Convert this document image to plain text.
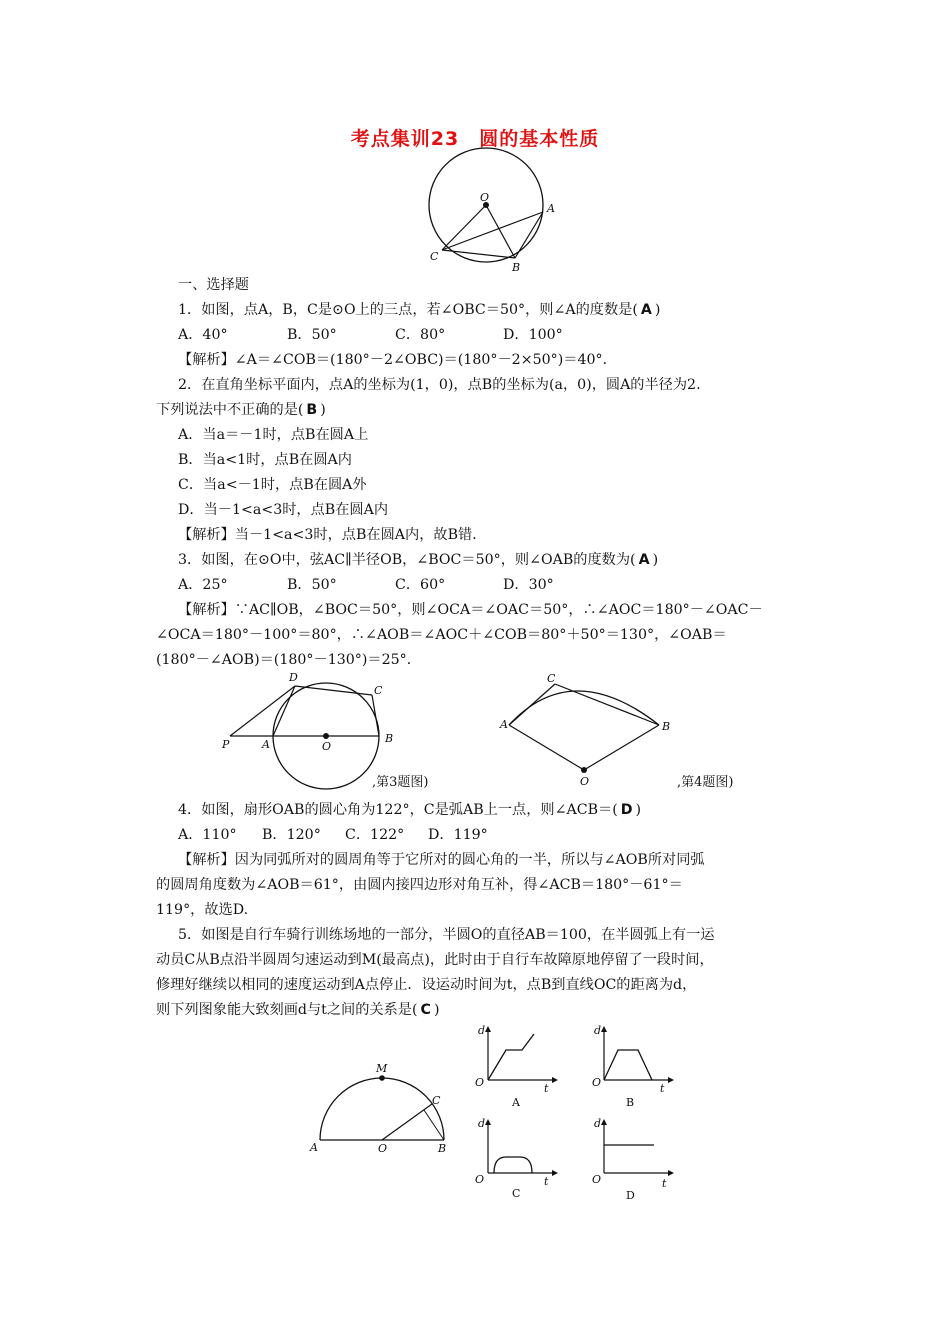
考点集训23　圆的基本性质
O
A
C
B
一、选择题
1．如图，点A，B，C是⊙O上的三点，若∠OBC＝50°，则∠A的度数是( A )
A．40°	B．50°	C．80°	D．100°
【解析】∠A＝∠COB＝(180°－2∠OBC)＝(180°－2×50°)＝40°．
2．在直角坐标平面内，点A的坐标为(1，0)，点B的坐标为(a，0)，圆A的半径为2.
下列说法中不正确的是( B )
A．当a＝－1时，点B在圆A上
B．当a<1时，点B在圆A内
C．当a<－1时，点B在圆A外
D．当－1<a<3时，点B在圆A内
【解析】当－1<a<3时，点B在圆A内，故B错．
3．如图，在⊙O中，弦AC∥半径OB，∠BOC＝50°，则∠OAB的度数为( A )
A．25°	B．50°	C．60°	D．30°
【解析】∵AC∥OB，∠BOC＝50°，则∠OCA＝∠OAC＝50°，∴∠AOC＝180°－∠OAC－
∠OCA＝180°－100°＝80°，∴∠AOB＝∠AOC＋∠COB＝80°＋50°＝130°，∠OAB＝
(180°－∠AOB)＝(180°－130°)＝25°．
D
C
P	A	O
B
,第3题图)
C
A	B
O	,第4题图)
4．如图，扇形OAB的圆心角为122°，C是弧AB上一点，则∠ACB＝( D )
A．110° B．120° C．122° D．119°
【解析】因为同弧所对的圆周角等于它所对的圆心角的一半，所以与∠AOB所对同弧
的圆周角度数为∠AOB＝61°，由圆内接四边形对角互补，得∠ACB＝180°－61°＝
119°，故选D.
5．如图是自行车骑行训练场地的一部分，半圆O的直径AB＝100，在半圆弧上有一运
动员C从B点沿半圆周匀速运动到M(最高点)，此时由于自行车故障原地停留了一段时间，
修理好继续以相同的速度运动到A点停止．设运动时间为t，点B到直线OC的距离为d，
则下列图象能大致刻画d与t之间的关系是( C )
M
C
A	O	B
d
O	t
A
d
O	t
B
d
O	t
C
d
O	t
D
